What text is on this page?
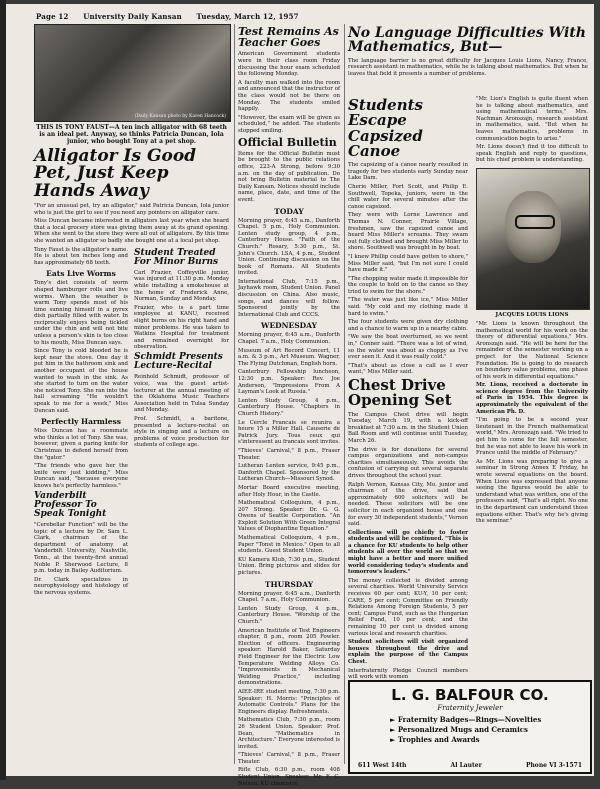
Page 12 University Daily Kansan Tuesday, March 12, 1957
(Daily Kansan photo by Karen Hancock)
THIS IS TONY FAUST—A ten inch alligator with 68 teeth is an ideal pet. Anyway, so thinks Patricia Duncan, Iola junior, who bought Tony at a pet shop.
Alligator Is Good Pet, Just Keep Hands Away

"For an unusual pet, try an alligator," said Patricia Duncan, Iola junior who is just the girl to see if you need any pointers on alligator care.

Miss Duncan became interested in alligators last year when she heard that a local grocery store was giving them away at its grand opening. When she went to the store they were all out of alligators. By this time she wanted an alligator so badly she bought one at a local pet shop.

Tony Faust is the alligator's name. He is about ten inches long and has approximately 68 teeth.

Eats Live Worms

Tony's diet consists of worm shaped hamburger rolls and live worms. When the weather is warm Tony spends most of his time sunning himself in a pyrex dish partially filled with water. In reciprocally enjoys being tickled under the chin and will not bite unless a person's skin is too close to his mouth, Miss Duncan says.

Since Tony is cold blooded he is kept near the stove. One day it put him in the bathroom sink and another occupant of the house wanted to wash in the sink. As she started to turn on the water she noticed Tony. She ran into the hall screaming "He wouldn't speak to me for a week," Miss Duncan said.

Perfectly Harmless

Miss Duncan has a roommate who thinks a lot of Tony. She was, however, given a paring knife for Christmas to defend herself from the "gator."

"The friends who gave her the knife were just kidding," Miss Duncan said, "because everyone knows he's perfectly harmless."

Vanderbilt Professor To Speak Tonight

"Cerebellar Function" will be the topic of a lecture by Dr. Sam L. Clark, chairman of the department of anatomy at Vanderbilt University, Nashville, Tenn., at the twenty-first annual Noble P. Sherwood Lecture, 8 p.m. today in Bailey Auditorium.

Dr. Clark specializes in neurophysiology and histology of the nervous systems.

Student Treated For Minor Burns

Carl Frazier, Coffeyville junior, was injured at 11:30 p.m. Monday while installing a smokehouse at the home of Frederick Anne, Norman, Sunday and Monday.

Frazier, who is a part time employee at KANU, received slight burns on his right hand and minor problems. He was taken to Watkins Hospital for treatment and remained overnight for observation.

Schmidt Presents Lecture-Recital

Reinhold Schmidt, professor of voice, was the guest artist-lecturer at the annual meeting of the Oklahoma Music Teachers Association held in Tulsa Sunday and Monday.

Prof. Schmidt, a baritone, presented a lecture-recital on style in singing and a lecture on problems of voice production for students of college age.

Test Remains As Teacher Goes

American Government students were in their class room Friday discussing the hour exam scheduled the following Monday.

A faculty man walked into the room and announced that the instructor of the class would not be there on Monday. The students smiled happily.

"However, the exam will be given as scheduled," he added. The students stopped smiling.

Official Bulletin

Items for the Official Bulletin must be brought to the public relations office, 223-A Strong, before 9:30 a.m. on the day of publication. Do not bring Bulletin material to The Daily Kansan. Notices should include name, place, date, and time of the event.

TODAY

Morning prayer, 6:45 a.m., Danforth Chapel. 5 p.m., Holy Communion. Lenten study group, 4 p.m., Canterbury House. "Faith of the Church." Rosary, 5:30 p.m., St. John's Church. LSA, 4 p.m., Student Union. Continuing discussion on the book of Romans. All Students invited.

International Club, 7:15 p.m., Jayhawk room, Student Union. Panel discussion on China. Also music, songs, and dances will follow. Sponsored jointly by the International Club and CCCS.

WEDNESDAY

Morning prayer, 6:45 a.m., Danforth Chapel. 7 a.m., Holy Communion.

Museum of Art Record Concert, 11 a.m. & 3 p.m., Art Museum. Wagner, The Flying Dutchman, English horn.

Canterbury Fellowship luncheon, 12:30 p.m. Speaker: Rev. Joe Anderson, "Impressions From A Layman's Look at Russia."

Lenten Study Group, 4 p.m., Canterbury House. "Chapters in Church History."

Le Cercle Francais se reunira a heure 15 a Miller Hall. Causerie de Patrick Jury. Tous ceux qui s'interessent au francais sont invites.

"Thieves' Carnival," 8 p.m., Fraser Theater.

Lutheran Lenten service, 9:45 p.m., Danforth Chapel. Sponsored by the Lutheran Church—Missouri Synod.

Mortar Board executive meeting, after Holy Hour, in the Castle.

Mathematical Colloquium, 4 p.m., 207 Strong. Speaker: Dr. G. G. Owens of Seattle Corporation. "An Exploit Solution With Green Integral Values of Diophantine Equation."

Mathematical Colloquium, 4 p.m., Paper "Tonst in Mexico." Open to all students. Guest Student Union.

KU Kamera Klub, 7:30 p.m., Student Union. Bring pictures and slides for pictures.

THURSDAY

Morning prayer, 6:45 a.m., Danforth Chapel. 7 a.m., Holy Communion.

Lenten Study Group, 4 p.m., Canterbury House. "Worship of the Church."

American Institute of Test Engineers chapter, 8 p.m., room 205 Fowler. Election of officers. Engineering speaker: Harold Baker, Saturday Field Engineer for the Electric Low Temperature Welding Alloys Co. "Improvements in Mechanical Welding Practice," including demonstrations.

AIEE-IRE student meeting, 7:30 p.m. Speaker: H. Morris: "Principles of Automatic Controls." Plans for the Engineers display. Refreshments.

Mathematics Club, 7:30 p.m., room 26 Student Union. Speaker: Prof. Dean, "Mathematics in Architecture." Everyone interested is invited.

"Thieves' Carnival," 8 p.m., Fraser Theater.

Rifle Club, 6:30 p.m., room 408 Student Union. Speaker: Mr. F. C. Nelson, KU chemistry.

No Language Difficulties With Mathematics, But—

The language barrier is no great difficulty for Jacques Louis Lions, Nancy, France, research assistant in mathematics, while he is talking about mathematics. But when he leaves that field it presents a number of problems.

Students Escape Capsized Canoe

The capsizing of a canoe nearly resulted in tragedy for two students early Sunday near Lake Dam.

Cherie Miller, Fort Scott, and Philip E. Southwell, Topeka, juniors, were in the chill water for several minutes after the canoe capsized.

They were with Lorne Lawrence and Thomas N. Conner, Prairie Village, freshmen, saw the capsized canoe and heard Miss Miller's screams. They swam out fully clothed and brought Miss Miller to shore. Southwell was brought in by boat.

"I knew Phillip could have gotten to shore," Miss Miller said, "but I'm not sure I could have made it."

"The chopping water made it impossible for the couple to hold on to the canoe so they tried to swim for the shore."

"The water was just like ice," Miss Miller said. "My cold and my clothing made it hard to swim."

The four students were given dry clothing and a chance to warm up in a nearby cabin.

"We saw the boat overturned, so we went in," Conner said. "There was a lot of wind, so the water was about as choppy as I've ever seen it. And it was really cold."

"That's about as close a call as I ever want," Miss Miller said.

Chest Drive Opening Set

The Campus Chest drive will begin Tuesday, March 19, with a kick-off breakfast at 7:30 a.m. in the Student Union Ball Room and will continue until Tuesday, March 26.

The drive is for donations for several campus organizations and non-campus charities simultaneously. This avoids the confusion of carrying out several separate drives throughout the school year.

Ralph Vernon, Kansas City, Mo. junior and chairman of the drive, said that approximately 600 solicitors will be needed. These solicitors will be one solicitor in each organized house and one for every 30 independent students," Vernon said.

Collections will go chiefly to foster students and will be continued. "This is a chance for KU students to help other students all over the world so that we might have a better and more unified world considering today's students and tomorrow's leaders."

The money collected is divided among several charities. World University Service receives 60 per cent; KU-Y, 10 per cent; CARE, 5 per cent; Committee on Friendly Relations Among Foreign Students, 5 per cent; Campus Fund, such as the Hungarian Relief Fund, 10 per cent, and the remaining 10 per cent is divided among various local and research charities.

Student solicitors will visit organized houses throughout the drive and explain the purpose of the Campus Chest.

Interfraternity Pledge Council members will work with women

"Mr. Lion's English is quite fluent when he is talking about mathematics, and using mathematical terms," Mrs. Nachman Aronszajn, research assistant in mathematics, said. "But when he leaves mathematics, problems in communication begin to arise."

Mr. Lions doesn't find it too difficult to speak English and reply to questions, but his chief problem is understanding.

JACQUES LOUIS LIONS

"Mr. Lions is known throughout the mathematical world for his work on the theory of differential equations," Mrs. Aronszajn said. "He will be here for the remainder of the semester working on a project for the National Science Foundation. He is going to do research on boundary value problems, one phase of his work in differential equations."

Mr. Lions, received a doctorate in science degree from the University of Paris in 1954. This degree is approximately the equivalent of the American Ph. D.

"I'm going to be a second year lieutenant in the French mathematical world," Mrs. Aronszajn said. "We tried to get him to come for the fall semester, but he was not able to leave his work in France until the middle of February."

As Mr. Lions was preparing to give a seminar in Strong Annex E Friday, he wrote several equations on the board. When Lions was expressed that anyone seeing the figures would be able to understand what was written, one of the professors said, "That's all right. No one in the department can understand those equations either. That's why he's giving the seminar."

L. G. BALFOUR CO.
Fraternity Jeweler
► Fraternity Badges—Rings—Novelties
► Personalized Mugs and Ceramics
► Trophies and Awards
611 West 14th	Al Lauter	Phone VI 3-1571
